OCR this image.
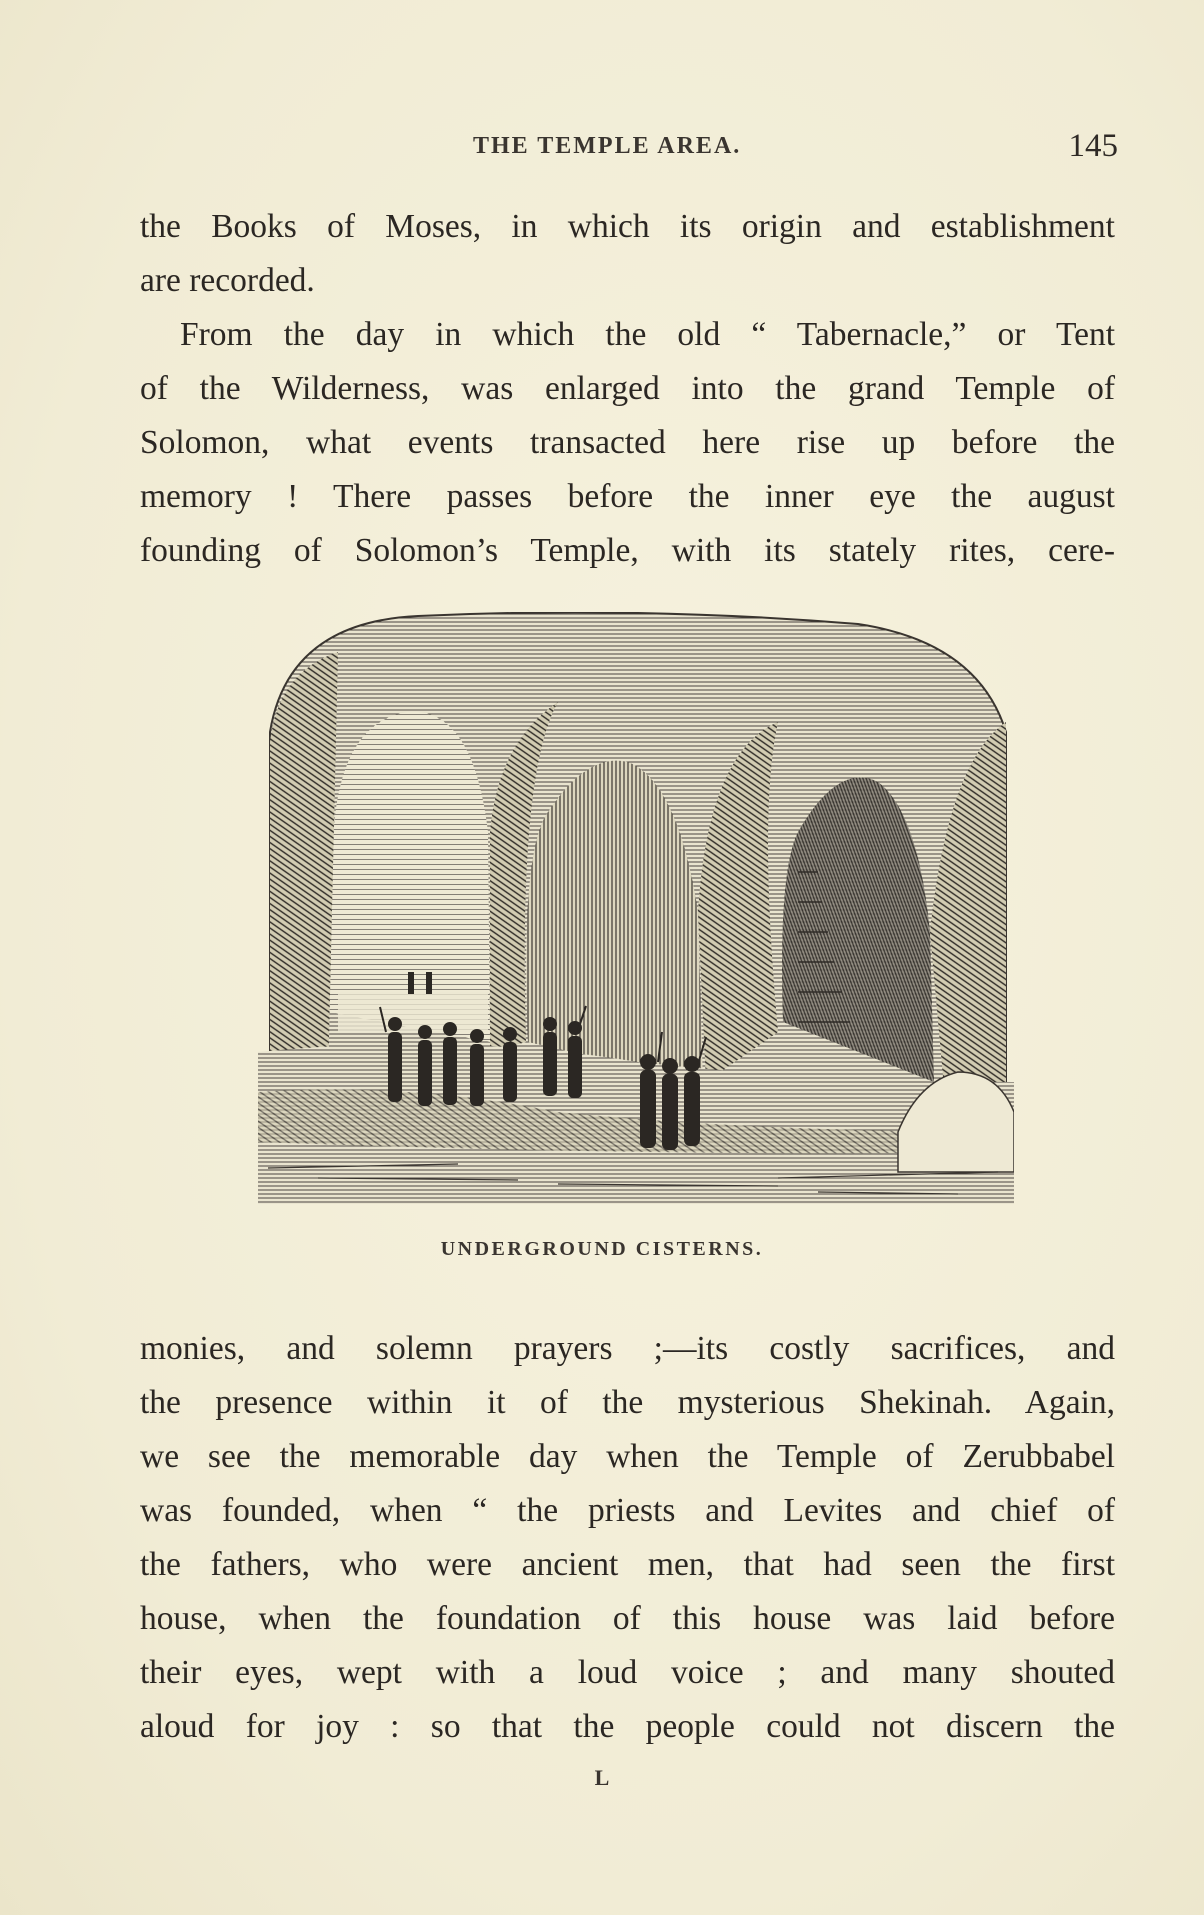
THE TEMPLE AREA.	145
the Books of Moses, in which its origin and establishment
are recorded.
From the day in which the old “ Tabernacle,” or Tent
of the Wilderness, was enlarged into the grand Temple of
Solomon, what events transacted here rise up before the
memory ! There passes before the inner eye the august
founding of Solomon’s Temple, with its stately rites, cere-
UNDERGROUND CISTERNS.
monies, and solemn prayers ;—its costly sacrifices, and
the presence within it of the mysterious Shekinah. Again,
we see the memorable day when the Temple of Zerubbabel
was founded, when “ the priests and Levites and chief of
the fathers, who were ancient men, that had seen the first
house, when the foundation of this house was laid before
their eyes, wept with a loud voice ; and many shouted
aloud for joy : so that the people could not discern the
L
